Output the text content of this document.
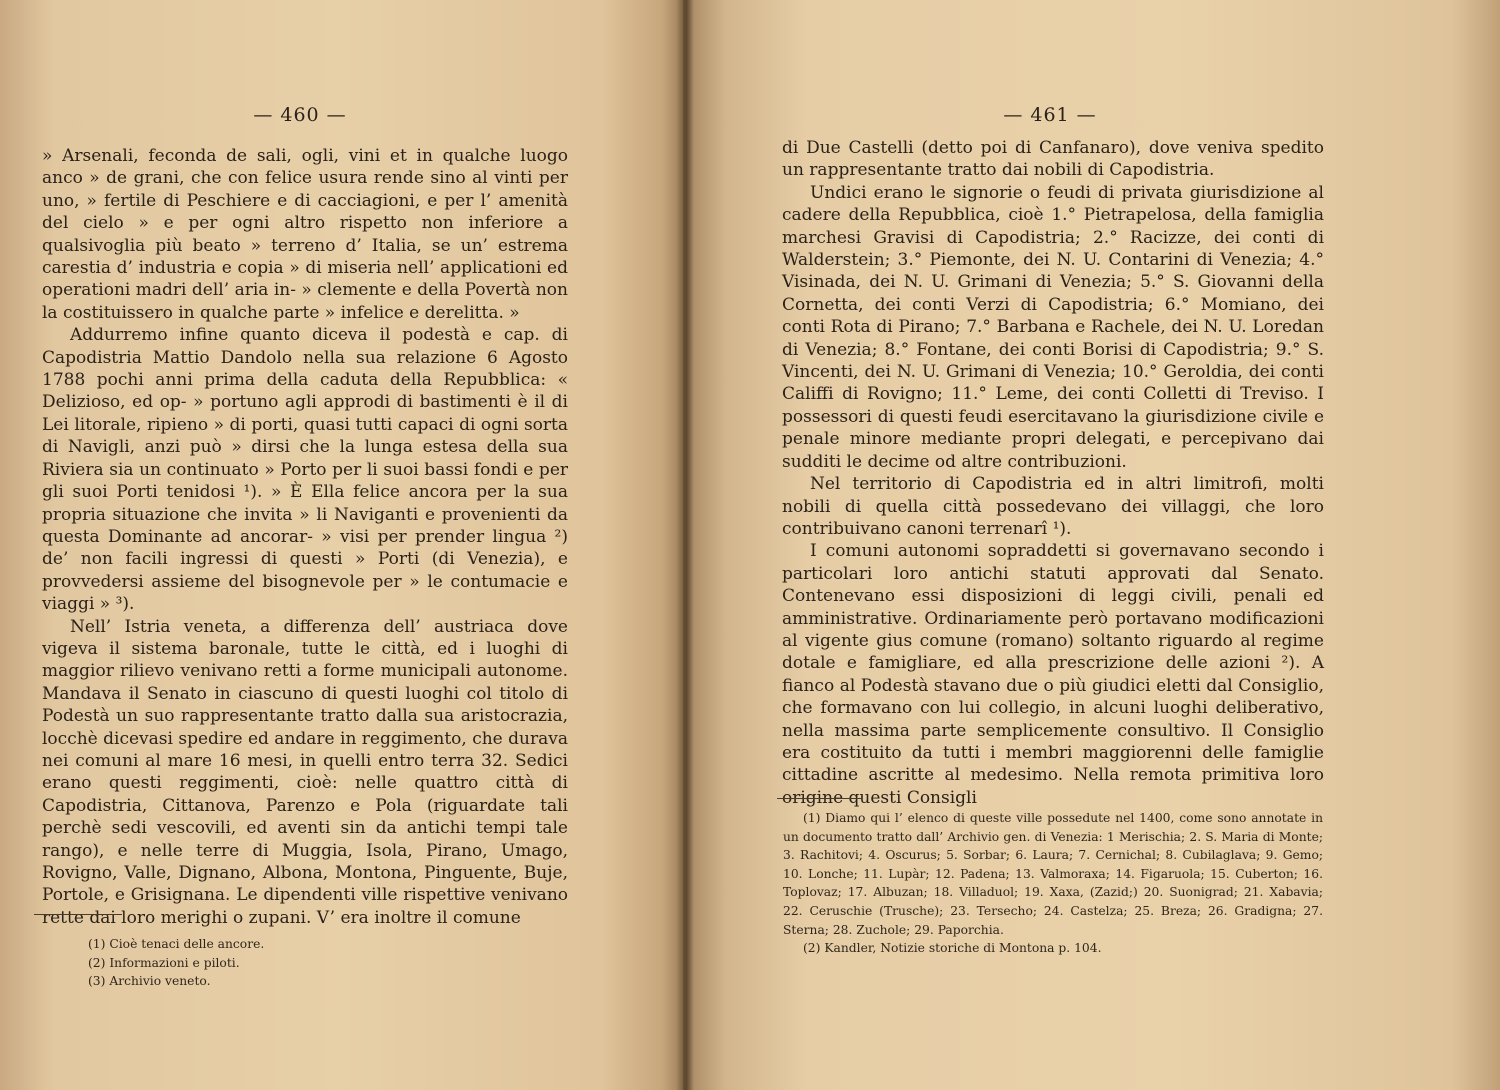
— 460 —

» Arsenali, feconda de sali, ogli, vini et in qualche luogo anco » de grani, che con felice usura rende sino al vinti per uno, » fertile di Peschiere e di cacciagioni, e per l’ amenità del cielo » e per ogni altro rispetto non inferiore a qualsivoglia più beato » terreno d’ Italia, se un’ estrema carestia d’ industria e copia » di miseria nell’ applicationi ed operationi madri dell’ aria in- » clemente e della Povertà non la costituissero in qualche parte » infelice e derelitta. »

Addurremo infine quanto diceva il podestà e cap. di Capodistria Mattio Dandolo nella sua relazione 6 Agosto 1788 pochi anni prima della caduta della Repubblica: « Delizioso, ed op- » portuno agli approdi di bastimenti è il di Lei litorale, ripieno » di porti, quasi tutti capaci di ogni sorta di Navigli, anzi può » dirsi che la lunga estesa della sua Riviera sia un continuato » Porto per li suoi bassi fondi e per gli suoi Porti tenidosi ¹). » È Ella felice ancora per la sua propria situazione che invita » li Naviganti e provenienti da questa Dominante ad ancorar- » visi per prender lingua ²) de’ non facili ingressi di questi » Porti (di Venezia), e provvedersi assieme del bisognevole per » le contumacie e viaggi » ³).

Nell’ Istria veneta, a differenza dell’ austriaca dove vigeva il sistema baronale, tutte le città, ed i luoghi di maggior rilievo venivano retti a forme municipali autonome. Mandava il Senato in ciascuno di questi luoghi col titolo di Podestà un suo rappresentante tratto dalla sua aristocrazia, locchè dicevasi spedire ed andare in reggimento, che durava nei comuni al mare 16 mesi, in quelli entro terra 32. Sedici erano questi reggimenti, cioè: nelle quattro città di Capodistria, Cittanova, Parenzo e Pola (riguardate tali perchè sedi vescovili, ed aventi sin da antichi tempi tale rango), e nelle terre di Muggia, Isola, Pirano, Umago, Rovigno, Valle, Dignano, Albona, Montona, Pinguente, Buje, Portole, e Grisignana. Le dipendenti ville rispettive venivano rette dai loro merighi o zupani. V’ era inoltre il comune

(1) Cioè tenaci delle ancore.

(2) Informazioni e piloti.

(3) Archivio veneto.

— 461 —

di Due Castelli (detto poi di Canfanaro), dove veniva spedito un rappresentante tratto dai nobili di Capodistria.

Undici erano le signorie o feudi di privata giurisdizione al cadere della Repubblica, cioè 1.° Pietrapelosa, della famiglia marchesi Gravisi di Capodistria; 2.° Racizze, dei conti di Walderstein; 3.° Piemonte, dei N. U. Contarini di Venezia; 4.° Visinada, dei N. U. Grimani di Venezia; 5.° S. Giovanni della Cornetta, dei conti Verzi di Capodistria; 6.° Momiano, dei conti Rota di Pirano; 7.° Barbana e Rachele, dei N. U. Loredan di Venezia; 8.° Fontane, dei conti Borisi di Capodistria; 9.° S. Vincenti, dei N. U. Grimani di Venezia; 10.° Geroldia, dei conti Califfi di Rovigno; 11.° Leme, dei conti Colletti di Treviso. I possessori di questi feudi esercitavano la giurisdizione civile e penale minore mediante propri delegati, e percepivano dai sudditi le decime od altre contribuzioni.

Nel territorio di Capodistria ed in altri limitrofi, molti nobili di quella città possedevano dei villaggi, che loro contribuivano canoni terrenarî ¹).

I comuni autonomi sopraddetti si governavano secondo i particolari loro antichi statuti approvati dal Senato. Contenevano essi disposizioni di leggi civili, penali ed amministrative. Ordinariamente però portavano modificazioni al vigente gius comune (romano) soltanto riguardo al regime dotale e famigliare, ed alla prescrizione delle azioni ²). A fianco al Podestà stavano due o più giudici eletti dal Consiglio, che formavano con lui collegio, in alcuni luoghi deliberativo, nella massima parte semplicemente consultivo. Il Consiglio era costituito da tutti i membri maggiorenni delle famiglie cittadine ascritte al medesimo. Nella remota primitiva loro origine questi Consigli

(1) Diamo qui l’ elenco di queste ville possedute nel 1400, come sono annotate in un documento tratto dall’ Archivio gen. di Venezia: 1 Merischia; 2. S. Maria di Monte; 3. Rachitovi; 4. Oscurus; 5. Sorbar; 6. Laura; 7. Cernichal; 8. Cubilaglava; 9. Gemo; 10. Lonche; 11. Lupàr; 12. Padena; 13. Valmoraxa; 14. Figaruola; 15. Cuberton; 16. Toplovaz; 17. Albuzan; 18. Villaduol; 19. Xaxa, (Zazid;) 20. Suonigrad; 21. Xabavia; 22. Ceruschie (Trusche); 23. Tersecho; 24. Castelza; 25. Breza; 26. Gradigna; 27. Sterna; 28. Zuchole; 29. Paporchia.

(2) Kandler, Notizie storiche di Montona p. 104.
